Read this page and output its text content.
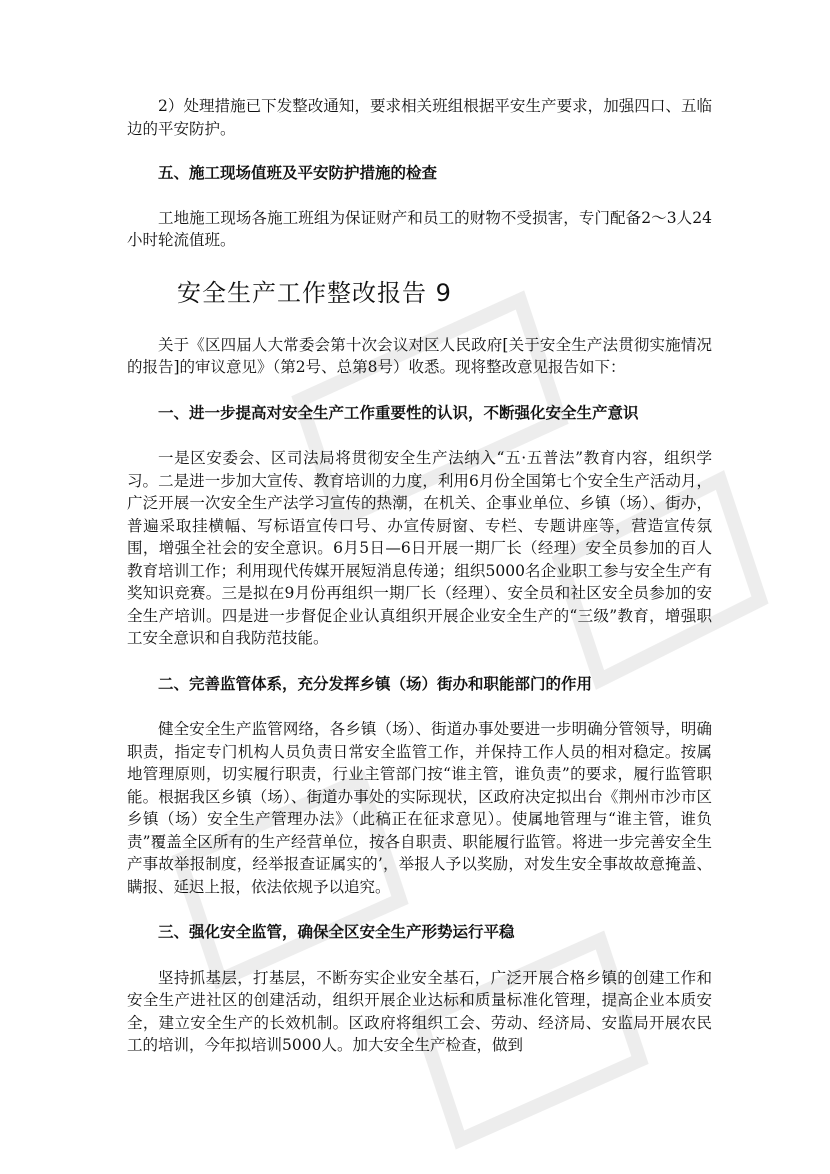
2）处理措施已下发整改通知，要求相关班组根据平安生产要求，加强四口、五临边的平安防护。

五、施工现场值班及平安防护措施的检查

工地施工现场各施工班组为保证财产和员工的财物不受损害，专门配备2～3人24小时轮流值班。

安全生产工作整改报告 9

关于《区四届人大常委会第十次会议对区人民政府[关于安全生产法贯彻实施情况的报告]的审议意见》（第2号、总第8号）收悉。现将整改意见报告如下：

一、进一步提高对安全生产工作重要性的认识，不断强化安全生产意识

一是区安委会、区司法局将贯彻安全生产法纳入“五·五普法”教育内容，组织学习。二是进一步加大宣传、教育培训的力度，利用6月份全国第七个安全生产活动月，广泛开展一次安全生产法学习宣传的热潮，在机关、企事业单位、乡镇（场）、街办，普遍采取挂横幅、写标语宣传口号、办宣传厨窗、专栏、专题讲座等，营造宣传氛围，增强全社会的安全意识。6月5日—6日开展一期厂长（经理）安全员参加的百人教育培训工作；利用现代传媒开展短消息传递；组织5000名企业职工参与安全生产有奖知识竞赛。三是拟在9月份再组织一期厂长（经理）、安全员和社区安全员参加的安全生产培训。四是进一步督促企业认真组织开展企业安全生产的“三级”教育，增强职工安全意识和自我防范技能。

二、完善监管体系，充分发挥乡镇（场）街办和职能部门的作用

健全安全生产监管网络，各乡镇（场）、街道办事处要进一步明确分管领导，明确职责，指定专门机构人员负责日常安全监管工作，并保持工作人员的相对稳定。按属地管理原则，切实履行职责，行业主管部门按“谁主管，谁负责”的要求，履行监管职能。根据我区乡镇（场）、街道办事处的实际现状，区政府决定拟出台《荆州市沙市区乡镇（场）安全生产管理办法》（此稿正在征求意见）。使属地管理与“谁主管，谁负责”覆盖全区所有的生产经营单位，按各自职责、职能履行监管。将进一步完善安全生产事故举报制度，经举报查证属实的’，举报人予以奖励，对发生安全事故故意掩盖、瞒报、延迟上报，依法依规予以追究。

三、强化安全监管，确保全区安全生产形势运行平稳

坚持抓基层，打基层，不断夯实企业安全基石，广泛开展合格乡镇的创建工作和安全生产进社区的创建活动，组织开展企业达标和质量标准化管理，提高企业本质安全，建立安全生产的长效机制。区政府将组织工会、劳动、经济局、安监局开展农民工的培训，今年拟培训5000人。加大安全生产检查，做到
